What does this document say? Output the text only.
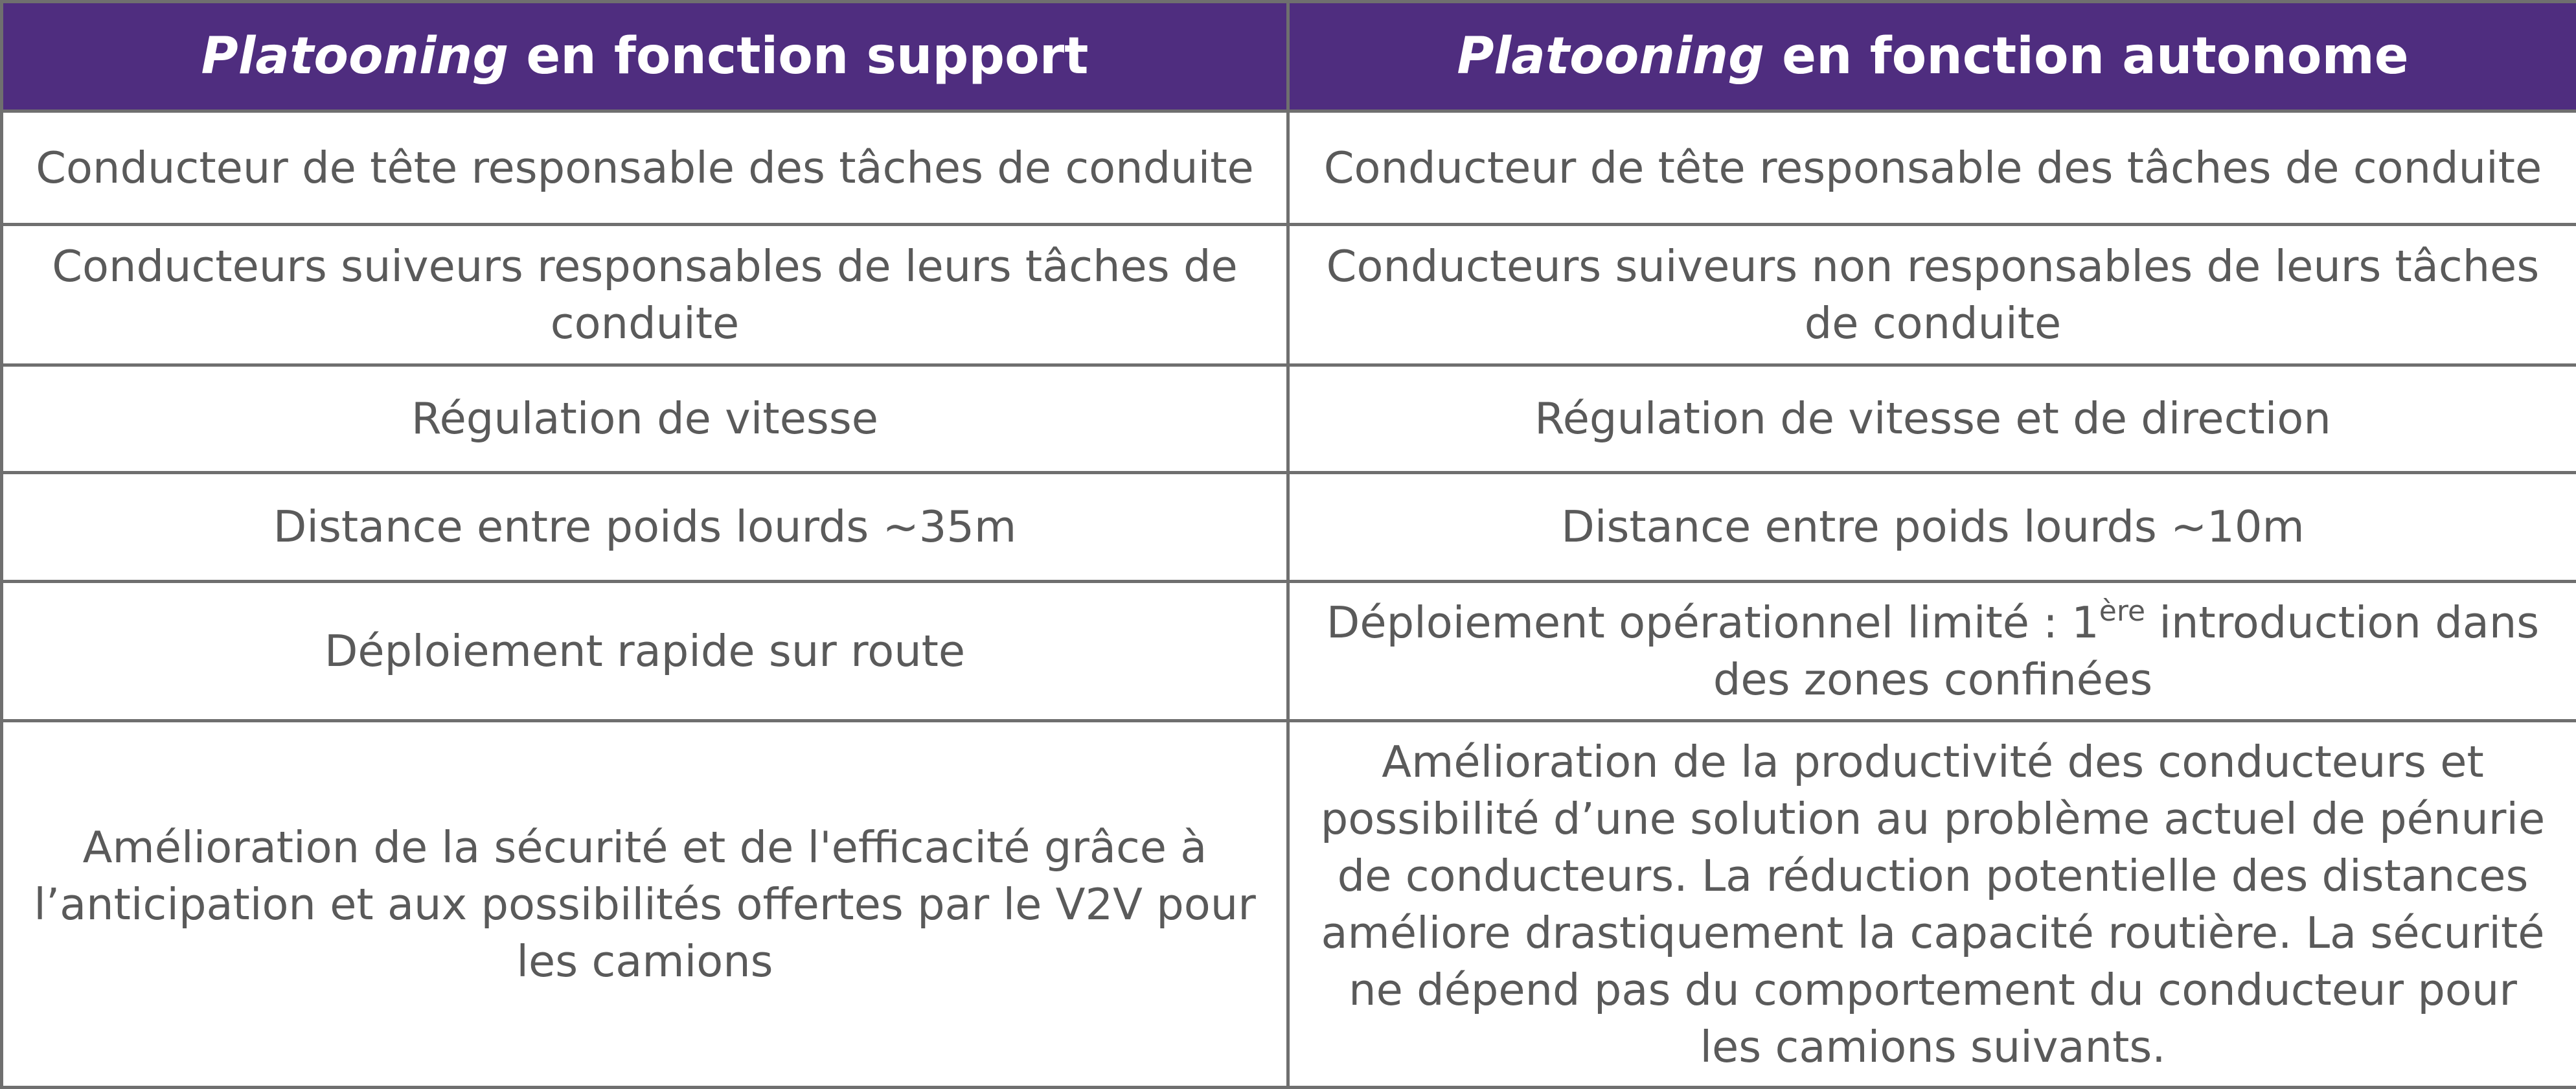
Platooning en fonction support	Platooning en fonction autonome
Conducteur de tête responsable des tâches de conduite	Conducteur de tête responsable des tâches de conduite
Conducteurs suiveurs responsables de leurs tâches de conduite	Conducteurs suiveurs non responsables de leurs tâches de conduite
Régulation de vitesse	Régulation de vitesse et de direction
Distance entre poids lourds ~35m	Distance entre poids lourds ~10m
Déploiement rapide sur route	Déploiement opérationnel limité : 1ère introduction dans des zones confinées
Amélioration de la sécurité et de l'efficacité grâce à l’anticipation et aux possibilités offertes par le V2V pour les camions	Amélioration de la productivité des conducteurs et possibilité d’une solution au problème actuel de pénurie de conducteurs. La réduction potentielle des distances améliore drastiquement la capacité routière. La sécurité ne dépend pas du comportement du conducteur pour les camions suivants.
